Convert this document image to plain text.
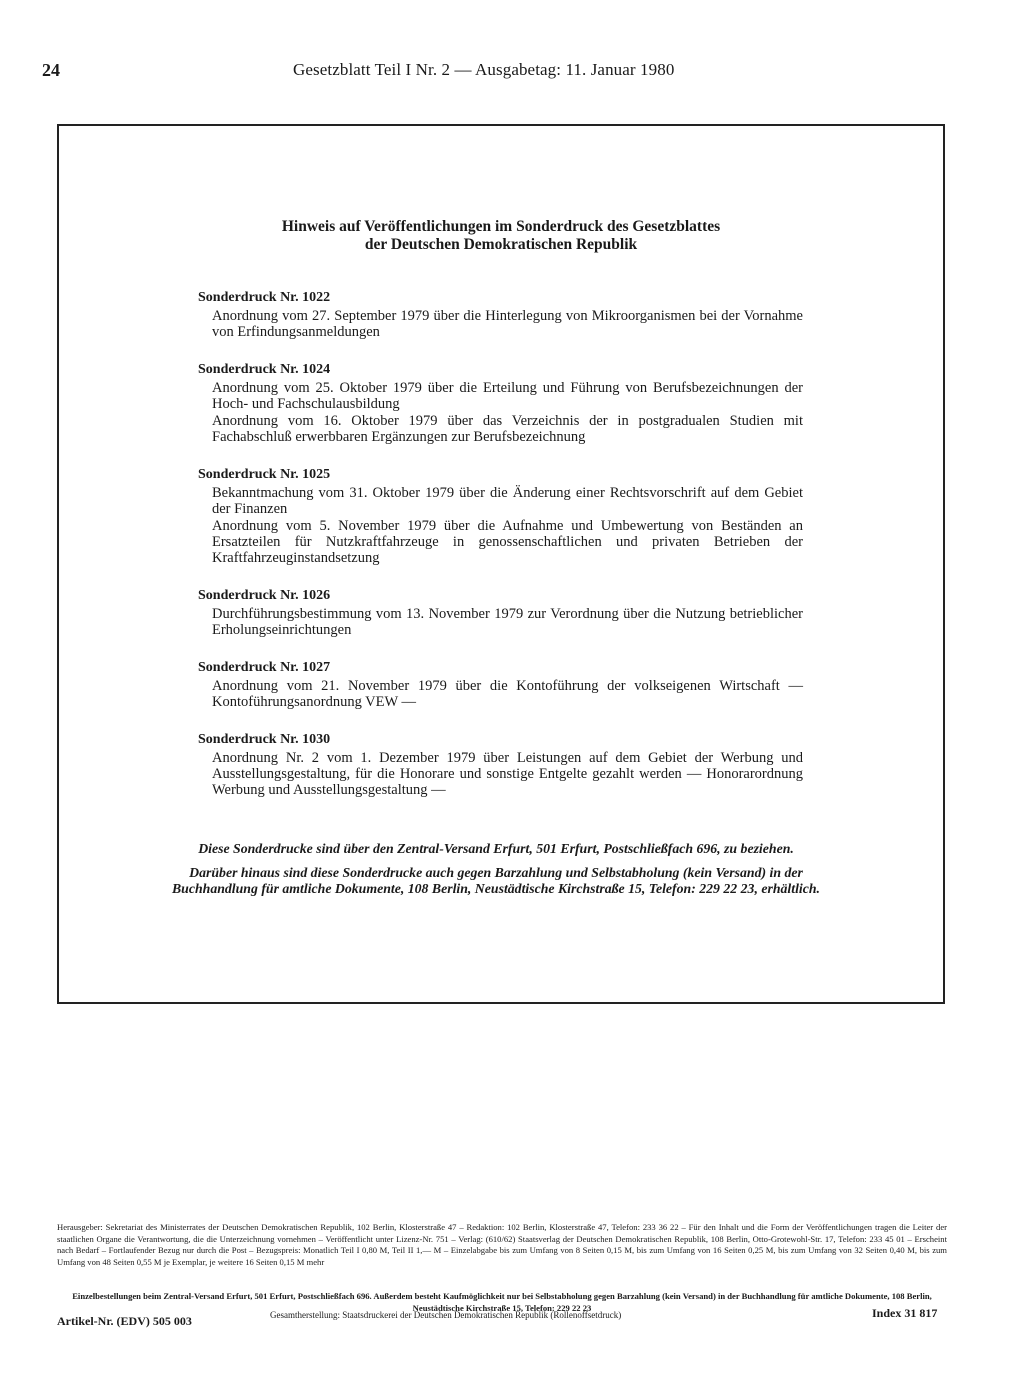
24	Gesetzblatt Teil I Nr. 2 — Ausgabetag: 11. Januar 1980
Hinweis auf Veröffentlichungen im Sonderdruck des Gesetzblattes
der Deutschen Demokratischen Republik
Sonderdruck Nr. 1022
Anordnung vom 27. September 1979 über die Hinterlegung von Mikroorganismen bei der Vornahme von Erfindungsanmeldungen
Sonderdruck Nr. 1024
Anordnung vom 25. Oktober 1979 über die Erteilung und Führung von Berufsbezeichnungen der Hoch- und Fachschulausbildung
Anordnung vom 16. Oktober 1979 über das Verzeichnis der in postgradualen Studien mit Fachabschluß erwerbbaren Ergänzungen zur Berufsbezeichnung
Sonderdruck Nr. 1025
Bekanntmachung vom 31. Oktober 1979 über die Änderung einer Rechtsvorschrift auf dem Gebiet der Finanzen
Anordnung vom 5. November 1979 über die Aufnahme und Umbewertung von Beständen an Ersatzteilen für Nutzkraftfahrzeuge in genossenschaftlichen und privaten Betrieben der Kraftfahrzeuginstandsetzung
Sonderdruck Nr. 1026
Durchführungsbestimmung vom 13. November 1979 zur Verordnung über die Nutzung betrieblicher Erholungseinrichtungen
Sonderdruck Nr. 1027
Anordnung vom 21. November 1979 über die Kontoführung der volkseigenen Wirtschaft — Kontoführungsanordnung VEW —
Sonderdruck Nr. 1030
Anordnung Nr. 2 vom 1. Dezember 1979 über Leistungen auf dem Gebiet der Werbung und Ausstellungsgestaltung, für die Honorare und sonstige Entgelte gezahlt werden — Honorarordnung Werbung und Ausstellungsgestaltung —

Diese Sonderdrucke sind über den Zentral-Versand Erfurt, 501 Erfurt, Postschließfach 696, zu beziehen.

Darüber hinaus sind diese Sonderdrucke auch gegen Barzahlung und Selbstabholung (kein Versand) in der Buchhandlung für amtliche Dokumente, 108 Berlin, Neustädtische Kirchstraße 15, Telefon: 229 22 23, erhältlich.

Herausgeber: Sekretariat des Ministerrates der Deutschen Demokratischen Republik, 102 Berlin, Klosterstraße 47 – Redaktion: 102 Berlin, Klosterstraße 47, Telefon: 233 36 22 – Für den Inhalt und die Form der Veröffentlichungen tragen die Leiter der staatlichen Organe die Verantwortung, die die Unterzeichnung vornehmen – Veröffentlicht unter Lizenz-Nr. 751 – Verlag: (610/62) Staatsverlag der Deutschen Demokratischen Republik, 108 Berlin, Otto-Grotewohl-Str. 17, Telefon: 233 45 01 – Erscheint nach Bedarf – Fortlaufender Bezug nur durch die Post – Bezugspreis: Monatlich Teil I 0,80 M, Teil II 1,— M – Einzelabgabe bis zum Umfang von 8 Seiten 0,15 M, bis zum Umfang von 16 Seiten 0,25 M, bis zum Umfang von 32 Seiten 0,40 M, bis zum Umfang von 48 Seiten 0,55 M je Exemplar, je weitere 16 Seiten 0,15 M mehr
Einzelbestellungen beim Zentral-Versand Erfurt, 501 Erfurt, Postschließfach 696. Außerdem besteht Kaufmöglichkeit nur bei Selbstabholung gegen Barzahlung (kein Versand) in der Buchhandlung für amtliche Dokumente, 108 Berlin, Neustädtische Kirchstraße 15, Telefon: 229 22 23
Artikel-Nr. (EDV) 505 003	Gesamtherstellung: Staatsdruckerei der Deutschen Demokratischen Republik (Rollenoffsetdruck)	Index 31 817
